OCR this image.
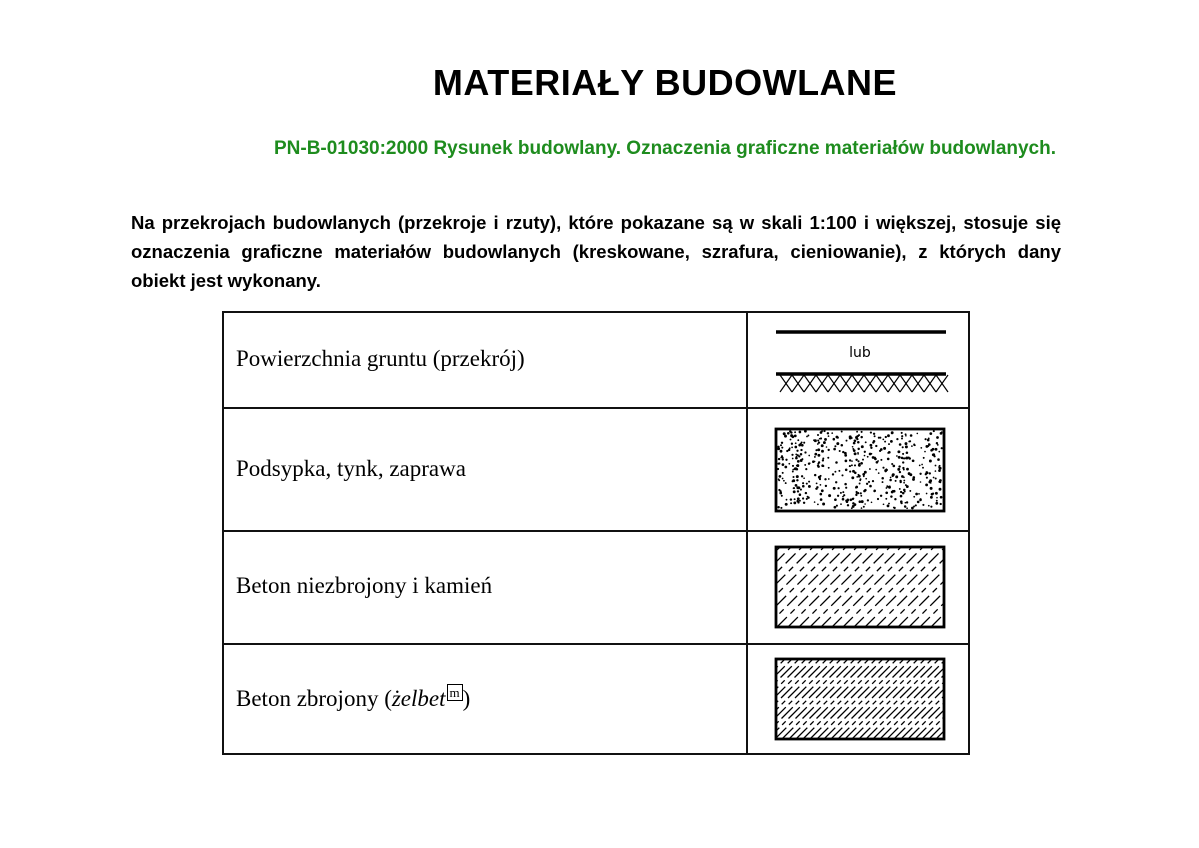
MATERIAŁY BUDOWLANE
PN-B-01030:2000 Rysunek budowlany. Oznaczenia graficzne materiałów budowlanych.
Na przekrojach budowlanych (przekroje i rzuty), które pokazane są w skali 1:100 i większej, stosuje się oznaczenia graficzne materiałów budowlanych (kreskowane, szrafura, cieniowanie), z których dany obiekt jest wykonany.
Powierzchnia gruntu (przekrój)	lub
Podsypka, tynk, zaprawa
Beton niezbrojony i kamień
Beton zbrojony (żelbet $^m$ )
